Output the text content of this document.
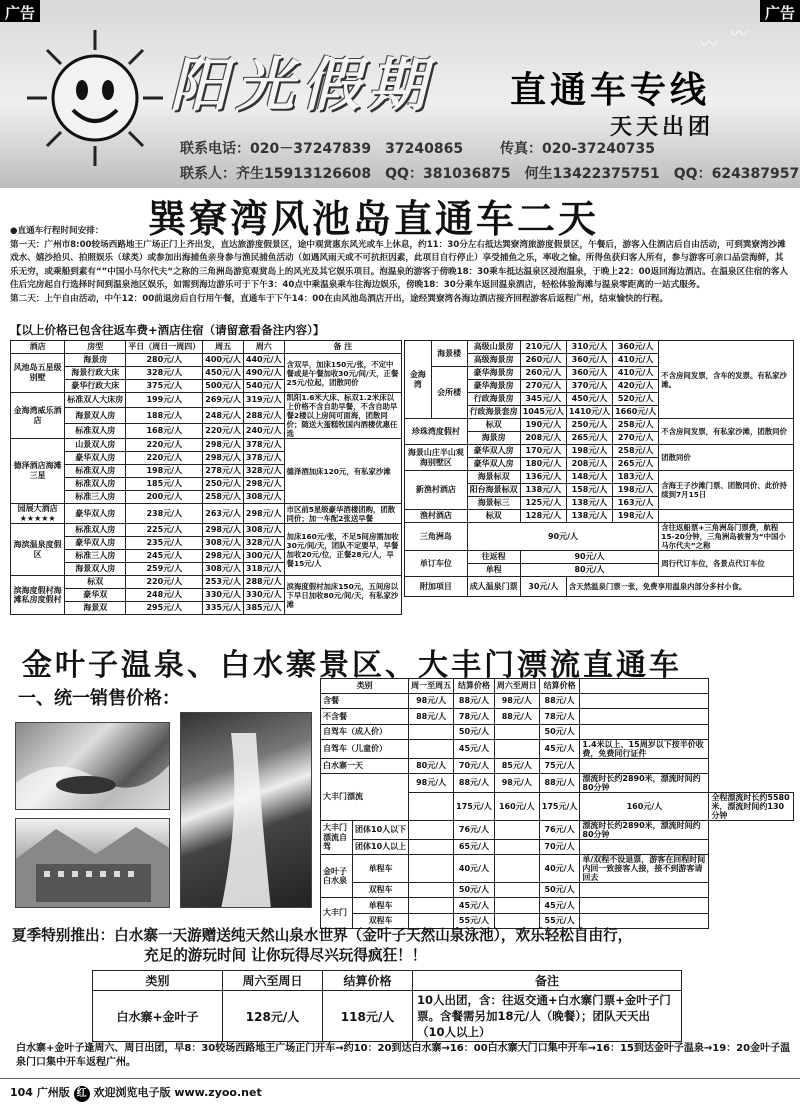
阳光假期 直通车专线
天天出团
〰 〰
联系电话：020－37247839　37240865	传真：020-37240735
联系人：齐生15913126608　QQ：381036875　何生13422375751　QQ：624387957
广告	广告
巽寮湾风池岛直通车二天
●直通车行程时间安排：
第一天：广州市8:00较场西路地王广场正门上齐出发，直达旅游度假景区，途中观赏惠东风光或车上休息，约11：30分左右抵达巽寮湾旅游度假景区，午餐后，游客入住酒店后自由活动，可到巽寮湾沙滩戏水、嬉沙拾贝、拍照娱乐（球类）或参加出海捕鱼亲身参与渔民捕鱼活动（如遇风雨天或不可抗拒因素，此项目自行停止）享受捕鱼之乐，率收之愉。所得鱼获归客人所有，参与游客可亲口品尝海鲜，其乐无穷，或乘船到素有“”中国小马尔代夫“之称的三角洲岛游览观赏岛上的风光及其它娱乐项目。泡温泉的游客于傍晚18：30乘车抵达温泉区浸泡温泉，于晚上22：00返回海边酒店。在温泉区住宿的客人住后完房起自行选择时间到温泉池区娱乐，如需到海边游乐可于下午3：40点中乘温泉乘车往海边娱乐，傍晚18：30分乘车返回温泉酒店，轻松体验海滩与温泉零距离的一站式服务。
第二天：上午自由活动，中午12：00前退房后自行用午餐，直通车于下午14：00在由风池岛酒店开出，途经巽寮湾各海边酒店接齐回程游客后返程广州，结束愉快的行程。
【以上价格已包含往返车费+酒店住宿（请留意看备注内容）】
酒店	房型	平日（周日一周四）	周五	周六	备 注
风池岛五星级别墅	海景房	280元/人	400元/人	440元/人	含双早，加床150元/张，不定中餐或是午餐加收30元/间/天，正餐25元/位起，团散同价
	海景行政大床	328元/人	450元/人	490元/人	
	豪华行政大床	375元/人	500元/人	540元/人	
金海湾威乐酒店	标准双人大床房	199元/人	269元/人	319元/人	凯阳1.6米大床、标双1.2米床以上价格不含自助早餐，不含自助早餐2楼以上房间可面海，团散同价；随送大蛋糕牧国内酒楼优惠任选
	海景双人房	188元/人	248元/人	288元/人	
	标准双人房	168元/人	220元/人	240元/人	
德泽酒店海滩三星	山景双人房	220元/人	298元/人	378元/人	德泽酒加床120元，有私家沙滩
	豪华双人房	220元/人	298元/人	378元/人	
	标准双人房	198元/人	278元/人	328元/人	
	标准双人房	185元/人	250元/人	298元/人	
	标准三人房	200元/人	258元/人	308元/人	
园展大酒店★★★★★	豪华双人房	238元/人	263元/人	298元/人	市区前5星级豪华酒楼团购，团散同价；加一车配2张送早餐
海滨温泉度假区	标准双人房	225元/人	298元/人	308元/人	加床160元/张，不足5间房需加收30元/间/天，团队不定要早，早餐加收20元/位，正餐28元/人，早餐15元/人
	豪华双人房	235元/人	308元/人	328元/人	
	标准三人房	245元/人	298元/人	300元/人	
	海景双人房	259元/人	308元/人	318元/人	
滨海度假村海滩私房度假村	标双	220元/人	253元/人	288元/人	滨海度假村加床150元，五间房以下早日加收80元/间/天，有私家沙滩
	豪华双	248元/人	330元/人	330元/人	
	海景双	295元/人	335元/人	385元/人	
金海湾	海景楼	高级山景房	210元/人	310元/人	360元/人	不含房间发票，含车的发票。有私家沙滩。
		高级海景房	260元/人	360元/人	410元/人	
	会所楼	豪华海景房	260元/人	360元/人	410元/人	
		豪华海景房	270元/人	370元/人	420元/人	
		行政海景房	345元/人	450元/人	520元/人	
		行政海景套房	1045元/人	1410元/人	1660元/人	
珍珠湾度假村		标双	190元/人	250元/人	258元/人	不含房间发票，有私家沙滩，团散同价
		海景房	208元/人	265元/人	270元/人	
海景山庄半山观海别墅区		豪华双人房	170元/人	198元/人	258元/人	团散同价
		豪华双人房	180元/人	208元/人	265元/人	
新渔村酒店		海景标双	136元/人	148元/人	183元/人	含海王子沙滩门票、团散同价、此价持续到7月15日
		阳台海景标双	138元/人	158元/人	198元/人	
		海景标三	125元/人	138元/人	163元/人	
渔村酒店		标双	128元/人	138元/人	198元/人	
三角洲岛		90元/人				含往返船票+三角洲岛门票费，航程15-20分钟，三角洲岛被誉为“中国小马尔代夫”之称
单订车位		往返程	90元/人			周行代订车位，各景点代订车位
		单程	80元/人			
附加项目		成人温泉门票	30元/人	含天然温泉门票一张，免费享用温泉内部分多村小食。		
金叶子温泉、白水寨景区、大丰门漂流直通车
一、统一销售价格：
类别		周一至周五	结算价格	周六至周日	结算价格		
含餐		98元/人	88元/人	98元/人	88元/人		
不含餐		88元/人	78元/人	88元/人	78元/人		
自驾车（成人价）			50元/人		50元/人		
自驾车（儿童价）			45元/人		45元/人	1.4米以上、15周岁以下按半价收费，免费同行证件	
白水寨一天		80元/人	70元/人	85元/人	75元/人		
大丰门漂流		98元/人	88元/人	98元/人	88元/人	漂流时长约2890米，漂流时间约80分钟	
			175元/人	160元/人	175元/人	160元/人	全程漂流时长约5580米，漂流时间约130分钟
大丰门漂流自驾	团体10人以下		76元/人		76元/人	漂流时长约2890米，漂流时间约80分钟	
	团体10人以上		65元/人		70元/人		
金叶子白水泉	单程车		40元/人		40元/人	单/双程不设退票，游客在回程时间内回一致接客人接，接不到游客请回去	
	双程车		50元/人		50元/人		
大丰门	单程车		45元/人		45元/人		
	双程车		55元/人		55元/人		
夏季特别推出：白水寨一天游赠送纯天然山泉水世界（金叶子天然山泉泳池），欢乐轻松自由行，
充足的游玩时间 让你玩得尽兴玩得疯狂！！
类别	周六至周日	结算价格	备注
白水寨+金叶子	128元/人	118元/人	10人出团，含：往返交通+白水寨门票+金叶子门票。含餐需另加18元/人（晚餐）；团队天天出（10人以上）
白水寨+金叶子逢周六、周日出团，早8：30较场西路地王广场正门开车→约10：20到达白水寨→16：00白水寨大门口集中开车→16：15到达金叶子温泉→19：20金叶子温泉门口集中开车返程广州。
104 广州版 红 欢迎浏览电子版 www.zyoo.net
